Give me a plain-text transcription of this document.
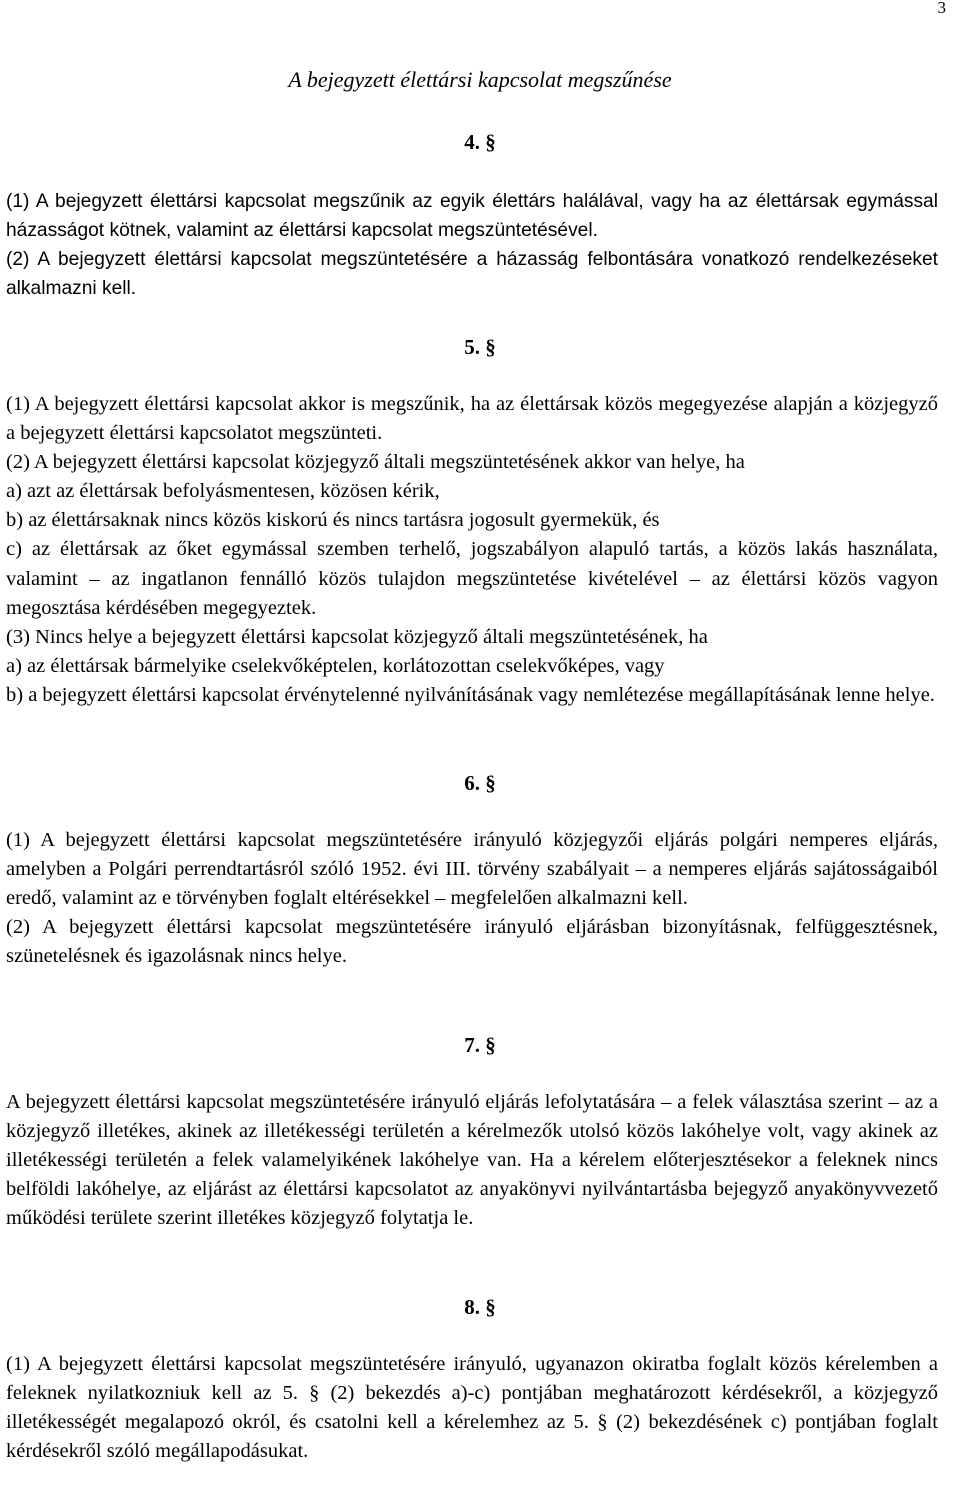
3
A bejegyzett élettársi kapcsolat megszűnése
4. §

(1) A bejegyzett élettársi kapcsolat megszűnik az egyik élettárs halálával, vagy ha az élettársak egymással házasságot kötnek, valamint az élettársi kapcsolat megszüntetésével.

(2) A bejegyzett élettársi kapcsolat megszüntetésére a házasság felbontására vonatkozó rendelkezéseket alkalmazni kell.

5. §

(1) A bejegyzett élettársi kapcsolat akkor is megszűnik, ha az élettársak közös megegyezése alapján a közjegyző a bejegyzett élettársi kapcsolatot megszünteti.

(2) A bejegyzett élettársi kapcsolat közjegyző általi megszüntetésének akkor van helye, ha

a) azt az élettársak befolyásmentesen, közösen kérik,

b) az élettársaknak nincs közös kiskorú és nincs tartásra jogosult gyermekük, és

c) az élettársak az őket egymással szemben terhelő, jogszabályon alapuló tartás, a közös lakás használata, valamint – az ingatlanon fennálló közös tulajdon megszüntetése kivételével – az élettársi közös vagyon megosztása kérdésében megegyeztek.

(3) Nincs helye a bejegyzett élettársi kapcsolat közjegyző általi megszüntetésének, ha

a) az élettársak bármelyike cselekvőképtelen, korlátozottan cselekvőképes, vagy

b) a bejegyzett élettársi kapcsolat érvénytelenné nyilvánításának vagy nemlétezése megállapításának lenne helye.

6. §

(1) A bejegyzett élettársi kapcsolat megszüntetésére irányuló közjegyzői eljárás polgári nemperes eljárás, amelyben a Polgári perrendtartásról szóló 1952. évi III. törvény szabályait – a nemperes eljárás sajátosságaiból eredő, valamint az e törvényben foglalt eltérésekkel – megfelelően alkalmazni kell.

(2) A bejegyzett élettársi kapcsolat megszüntetésére irányuló eljárásban bizonyításnak, felfüggesztésnek, szünetelésnek és igazolásnak nincs helye.

7. §

A bejegyzett élettársi kapcsolat megszüntetésére irányuló eljárás lefolytatására – a felek választása szerint – az a közjegyző illetékes, akinek az illetékességi területén a kérelmezők utolsó közös lakóhelye volt, vagy akinek az illetékességi területén a felek valamelyikének lakóhelye van. Ha a kérelem előterjesztésekor a feleknek nincs belföldi lakóhelye, az eljárást az élettársi kapcsolatot az anyakönyvi nyilvántartásba bejegyző anyakönyvvezető működési területe szerint illetékes közjegyző folytatja le.

8. §

(1) A bejegyzett élettársi kapcsolat megszüntetésére irányuló, ugyanazon okiratba foglalt közös kérelemben a feleknek nyilatkozniuk kell az 5. § (2) bekezdés a)-c) pontjában meghatározott kérdésekről, a közjegyző illetékességét megalapozó okról, és csatolni kell a kérelemhez az 5. § (2) bekezdésének c) pontjában foglalt kérdésekről szóló megállapodásukat.
